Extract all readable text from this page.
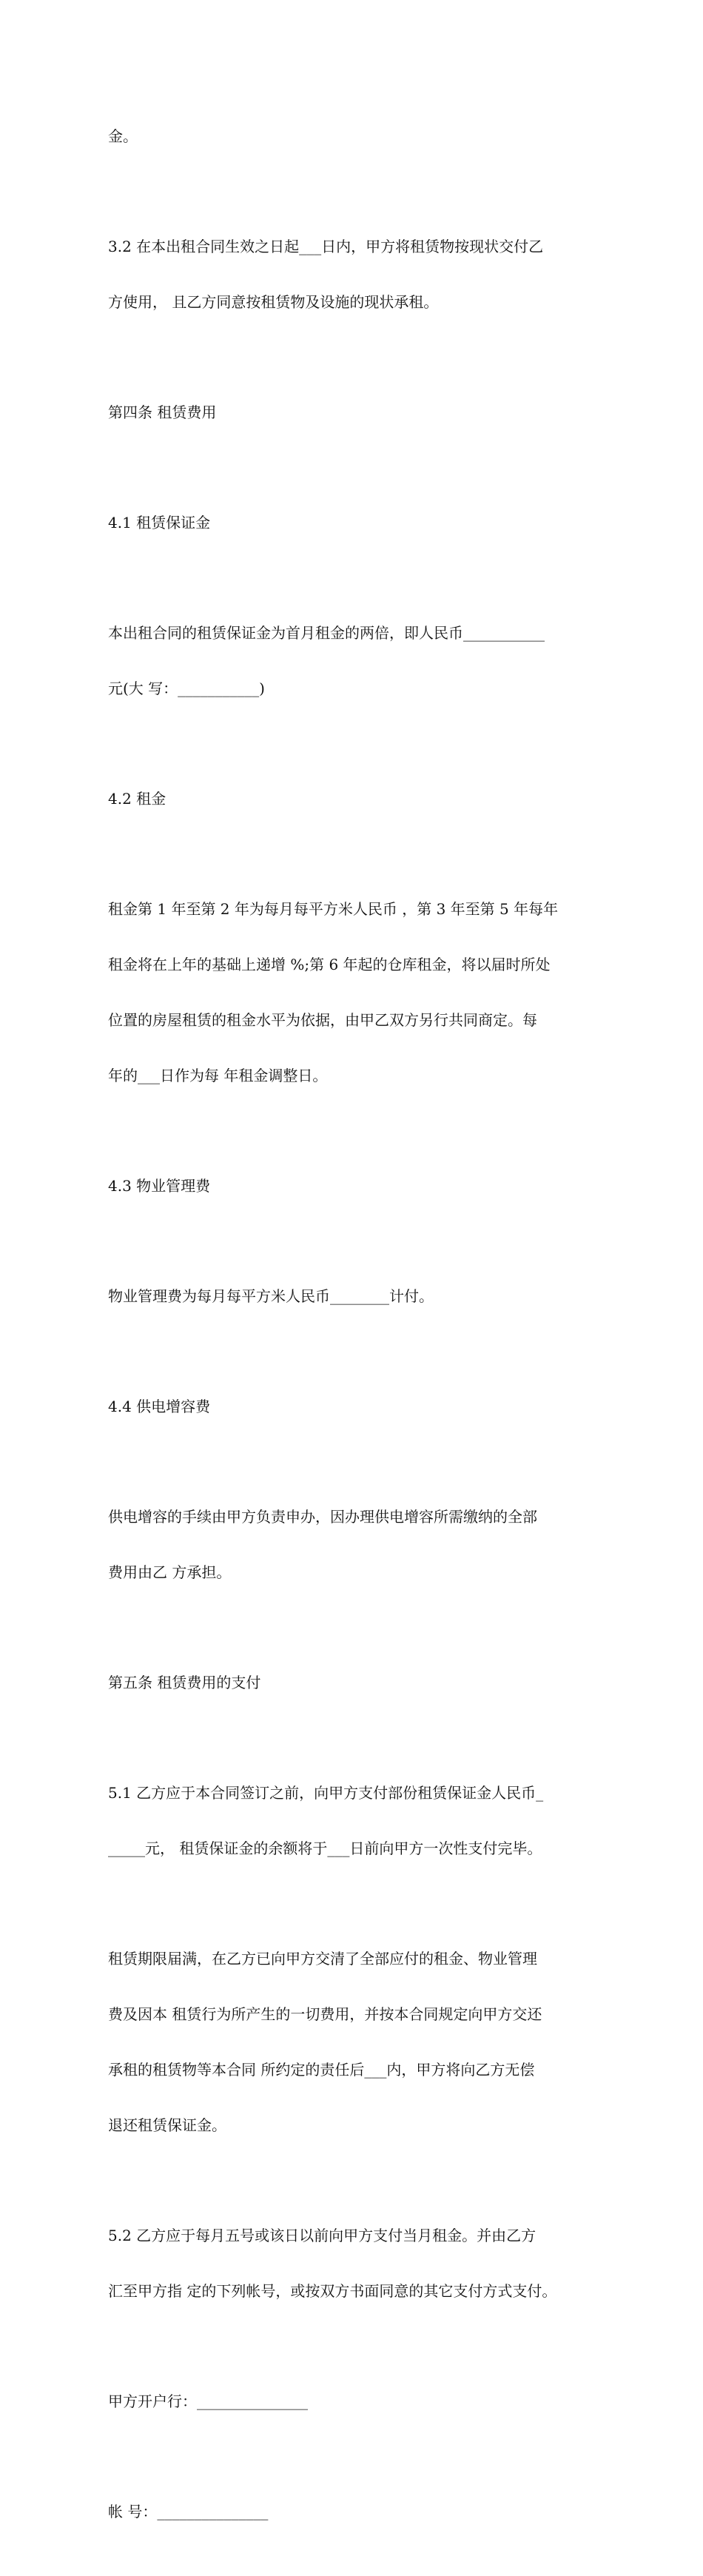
金。

3.2 在本出租合同生效之日起___日内，甲方将租赁物按现状交付乙

方使用， 且乙方同意按租赁物及设施的现状承租。

第四条 租赁费用

4.1 租赁保证金

本出租合同的租赁保证金为首月租金的两倍，即人民币___________

元(大 写：___________)

4.2 租金

租金第 1 年至第 2 年为每月每平方米人民币 ，第 3 年至第 5 年每年

租金将在上年的基础上递增 %;第 6 年起的仓库租金，将以届时所处

位置的房屋租赁的租金水平为依据，由甲乙双方另行共同商定。每

年的___日作为每 年租金调整日。

4.3 物业管理费

物业管理费为每月每平方米人民币________计付。

4.4 供电增容费

供电增容的手续由甲方负责申办，因办理供电增容所需缴纳的全部

费用由乙 方承担。

第五条 租赁费用的支付

5.1 乙方应于本合同签订之前，向甲方支付部份租赁保证金人民币_

_____元， 租赁保证金的余额将于___日前向甲方一次性支付完毕。

租赁期限届满，在乙方已向甲方交清了全部应付的租金、物业管理

费及因本 租赁行为所产生的一切费用，并按本合同规定向甲方交还

承租的租赁物等本合同 所约定的责任后___内，甲方将向乙方无偿

退还租赁保证金。

5.2 乙方应于每月五号或该日以前向甲方支付当月租金。并由乙方

汇至甲方指 定的下列帐号，或按双方书面同意的其它支付方式支付。

甲方开户行：_______________

帐 号：_______________
